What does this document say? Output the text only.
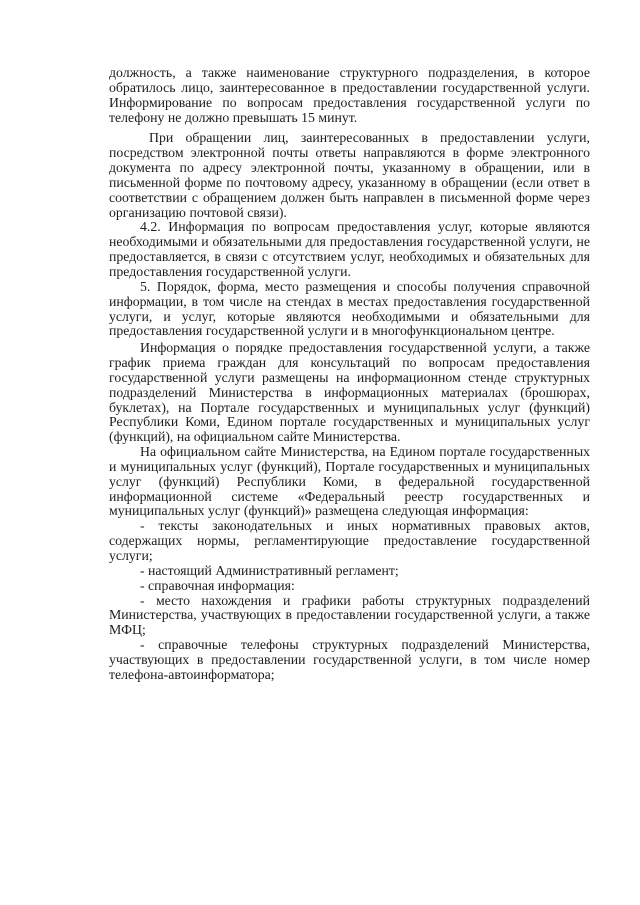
должность, а также наименование структурного подразделения, в которое обратилось лицо, заинтересованное в предоставлении государственной услуги. Информирование по вопросам предоставления государственной услуги по телефону не должно превышать 15 минут.

При обращении лиц, заинтересованных в предоставлении услуги, посредством электронной почты ответы направляются в форме электронного документа по адресу электронной почты, указанному в обращении, или в письменной форме по почтовому адресу, указанному в обращении (если ответ в соответствии с обращением должен быть направлен в письменной форме через организацию почтовой связи).

4.2. Информация по вопросам предоставления услуг, которые являются необходимыми и обязательными для предоставления государственной услуги, не предоставляется, в связи с отсутствием услуг, необходимых и обязательных для предоставления государственной услуги.

5. Порядок, форма, место размещения и способы получения справочной информации, в том числе на стендах в местах предоставления государственной услуги, и услуг, которые являются необходимыми и обязательными для предоставления государственной услуги и в многофункциональном центре.

Информация о порядке предоставления государственной услуги, а также график приема граждан для консультаций по вопросам предоставления государственной услуги размещены на информационном стенде структурных подразделений Министерства в информационных материалах (брошюрах, буклетах), на Портале государственных и муниципальных услуг (функций) Республики Коми, Едином портале государственных и муниципальных услуг (функций), на официальном сайте Министерства.

На официальном сайте Министерства, на Едином портале государственных и муниципальных услуг (функций), Портале государственных и муниципальных услуг (функций) Республики Коми, в федеральной государственной информационной системе «Федеральный реестр государственных и муниципальных услуг (функций)» размещена следующая информация:

- тексты законодательных и иных нормативных правовых актов, содержащих нормы, регламентирующие предоставление государственной услуги;

- настоящий Административный регламент;

- справочная информация:

- место нахождения и графики работы структурных подразделений Министерства, участвующих в предоставлении государственной услуги, а также МФЦ;

- справочные телефоны структурных подразделений Министерства, участвующих в предоставлении государственной услуги, в том числе номер телефона-автоинформатора;
